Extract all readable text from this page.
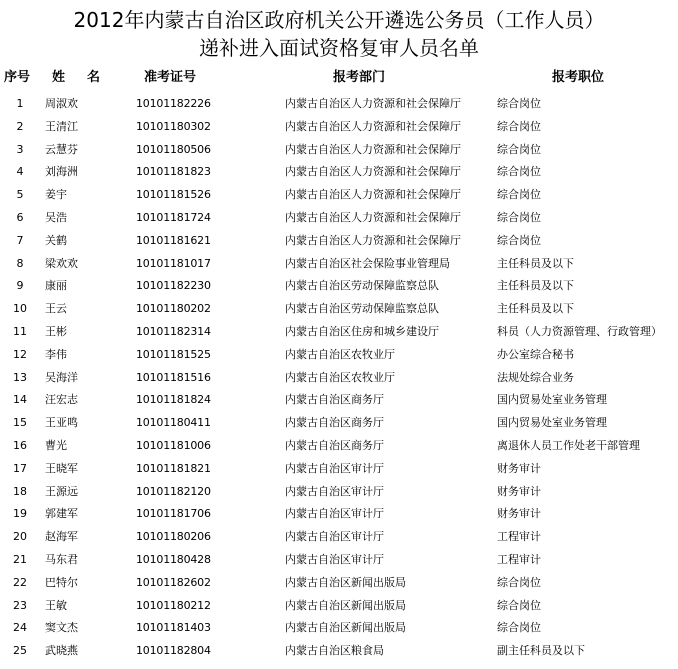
2012年内蒙古自治区政府机关公开遴选公务员（工作人员）
递补进入面试资格复审人员名单
序号 姓名 准考证号	报考部门	报考职位
1	周淑欢	10101182226	内蒙古自治区人力资源和社会保障厅	综合岗位
2	王清江	10101180302	内蒙古自治区人力资源和社会保障厅	综合岗位
3	云慧芬	10101180506	内蒙古自治区人力资源和社会保障厅	综合岗位
4	刘海洲	10101181823	内蒙古自治区人力资源和社会保障厅	综合岗位
5	姜宇	10101181526	内蒙古自治区人力资源和社会保障厅	综合岗位
6	吴浩	10101181724	内蒙古自治区人力资源和社会保障厅	综合岗位
7	关鹤	10101181621	内蒙古自治区人力资源和社会保障厅	综合岗位
8	梁欢欢	10101181017	内蒙古自治区社会保险事业管理局	主任科员及以下
9	康丽	10101182230	内蒙古自治区劳动保障监察总队	主任科员及以下
10 王云	10101180202	内蒙古自治区劳动保障监察总队	主任科员及以下
11 王彬	10101182314	内蒙古自治区住房和城乡建设厅	科员（人力资源管理、行政管理）
12 李伟	10101181525	内蒙古自治区农牧业厅	办公室综合秘书
13 吴海洋	10101181516	内蒙古自治区农牧业厅	法规处综合业务
14 汪宏志	10101181824	内蒙古自治区商务厅	国内贸易处室业务管理
15 王亚鸣	10101180411	内蒙古自治区商务厅	国内贸易处室业务管理
16 曹光	10101181006	内蒙古自治区商务厅	离退休人员工作处老干部管理
17 王晓军	10101181821	内蒙古自治区审计厅	财务审计
18 王源远	10101182120	内蒙古自治区审计厅	财务审计
19 郭建军	10101181706	内蒙古自治区审计厅	财务审计
20 赵海军	10101180206	内蒙古自治区审计厅	工程审计
21 马东君	10101180428	内蒙古自治区审计厅	工程审计
22 巴特尔	10101182602	内蒙古自治区新闻出版局	综合岗位
23 王敏	10101180212	内蒙古自治区新闻出版局	综合岗位
24 窦文杰	10101181403	内蒙古自治区新闻出版局	综合岗位
25 武晓燕	10101182804	内蒙古自治区粮食局	副主任科员及以下
